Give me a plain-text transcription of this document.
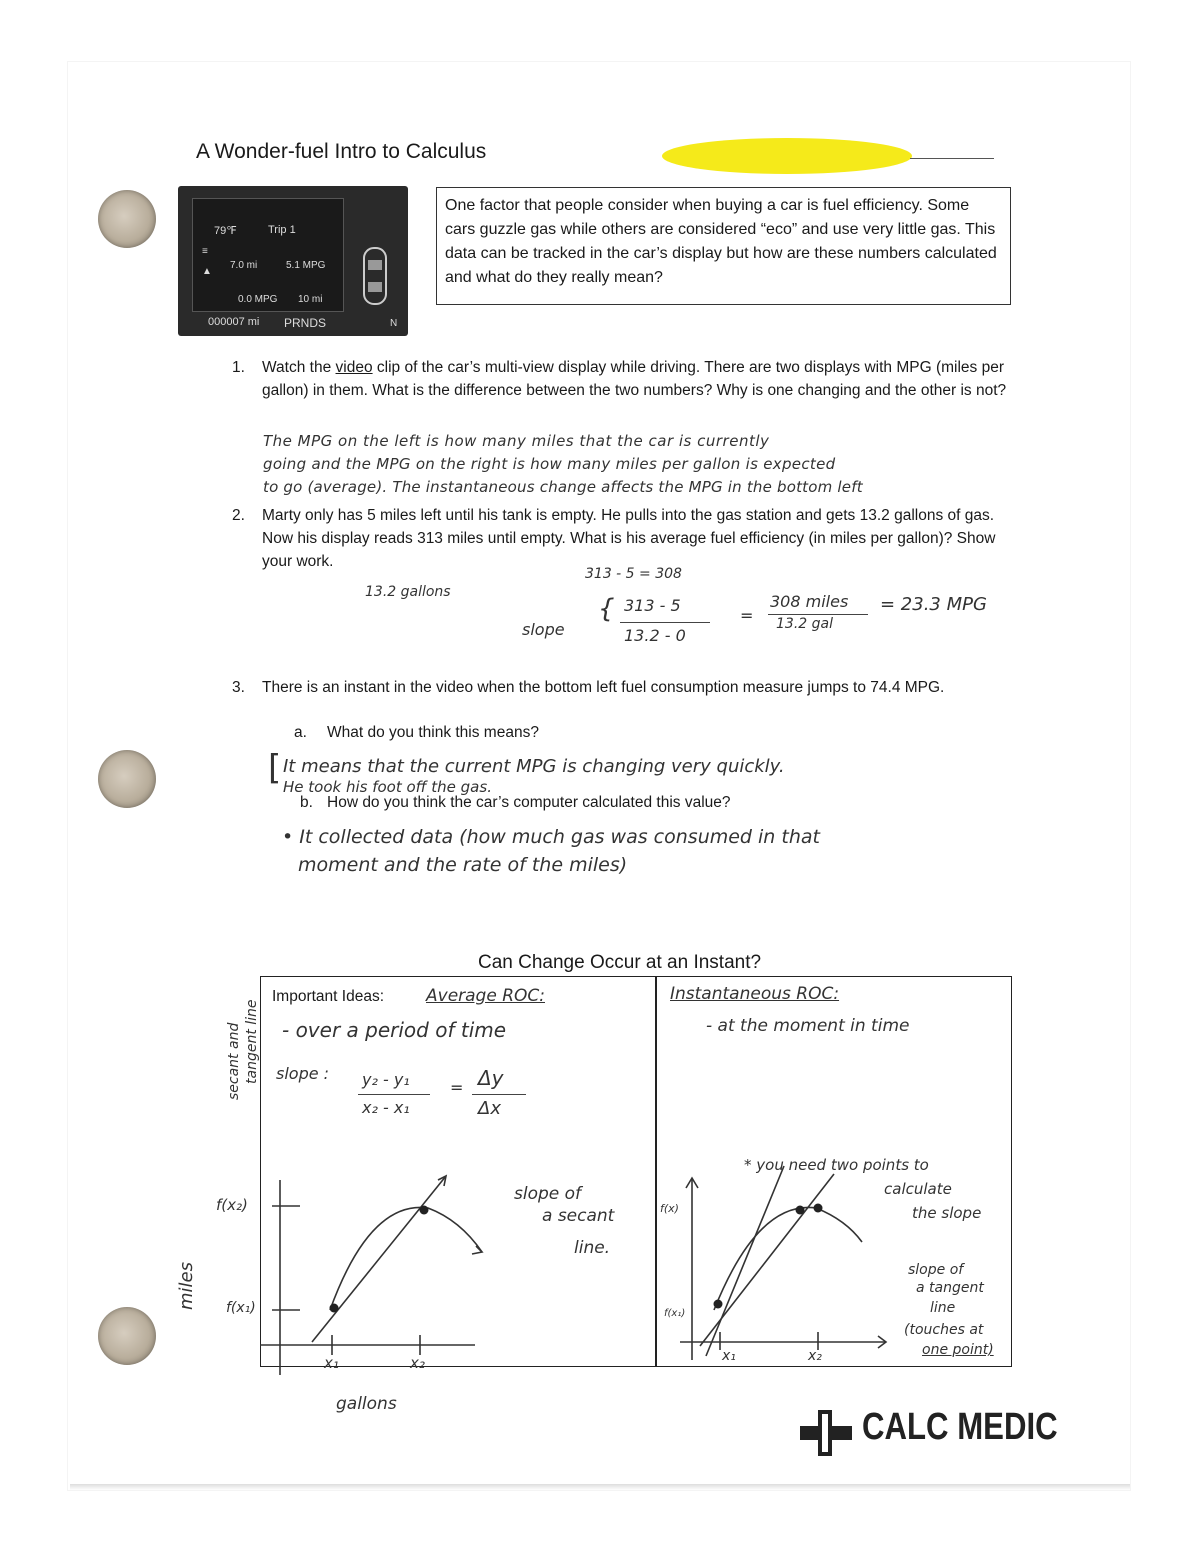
A Wonder-fuel Intro to Calculus
79℉	Trip 1
≡
▲
7.0 mi	5.1 MPG
0.0 MPG 10 mi
000007 mi PRNDS	N
One factor that people consider when buying a car is fuel efficiency. Some cars guzzle gas while others are considered “eco” and use very little gas. This data can be tracked in the car’s display but how are these numbers calculated and what do they really mean?
1. Watch the video clip of the car’s multi-view display while driving. There are two displays with MPG (miles per gallon) in them. What is the difference between the two numbers? Why is one changing and the other is not?
The MPG on the left is how many miles that the car is currently
going and the MPG on the right is how many miles per gallon is expected
to go (average). The instantaneous change affects the MPG in the bottom left
2. Marty only has 5 miles left until his tank is empty. He pulls into the gas station and gets 13.2 gallons of gas. Now his display reads 313 miles until empty. What is his average fuel efficiency (in miles per gallon)? Show your work.
313 - 5 = 308
13.2 gallons
slope
{ 313 - 5
13.2 - 0
=
308 miles
13.2 gal
= 23.3 MPG
3. There is an instant in the video when the bottom left fuel consumption measure jumps to 74.4 MPG.
a. What do you think this means?
[ It means that the current MPG is changing very quickly.
He took his foot off the gas.
b. How do you think the car’s computer calculated this value?
• It collected data (how much gas was consumed in that
moment and the rate of the miles)
Can Change Occur at an Instant?
secant and tangent line
Important Ideas: Average ROC:
- over a period of time
slope : y₂ - y₁
x₂ - x₁
= Δy
Δx
Instantaneous ROC:
- at the moment in time
f(x₂)
f(x₁)
x₁	x₂
slope of
a secant
line.
f(x)
f(x₁)
x₁	x₂
* you need two points to
calculate
the slope
slope of
a tangent
line
(touches at
one point)
miles
gallons
CALC MEDIC
